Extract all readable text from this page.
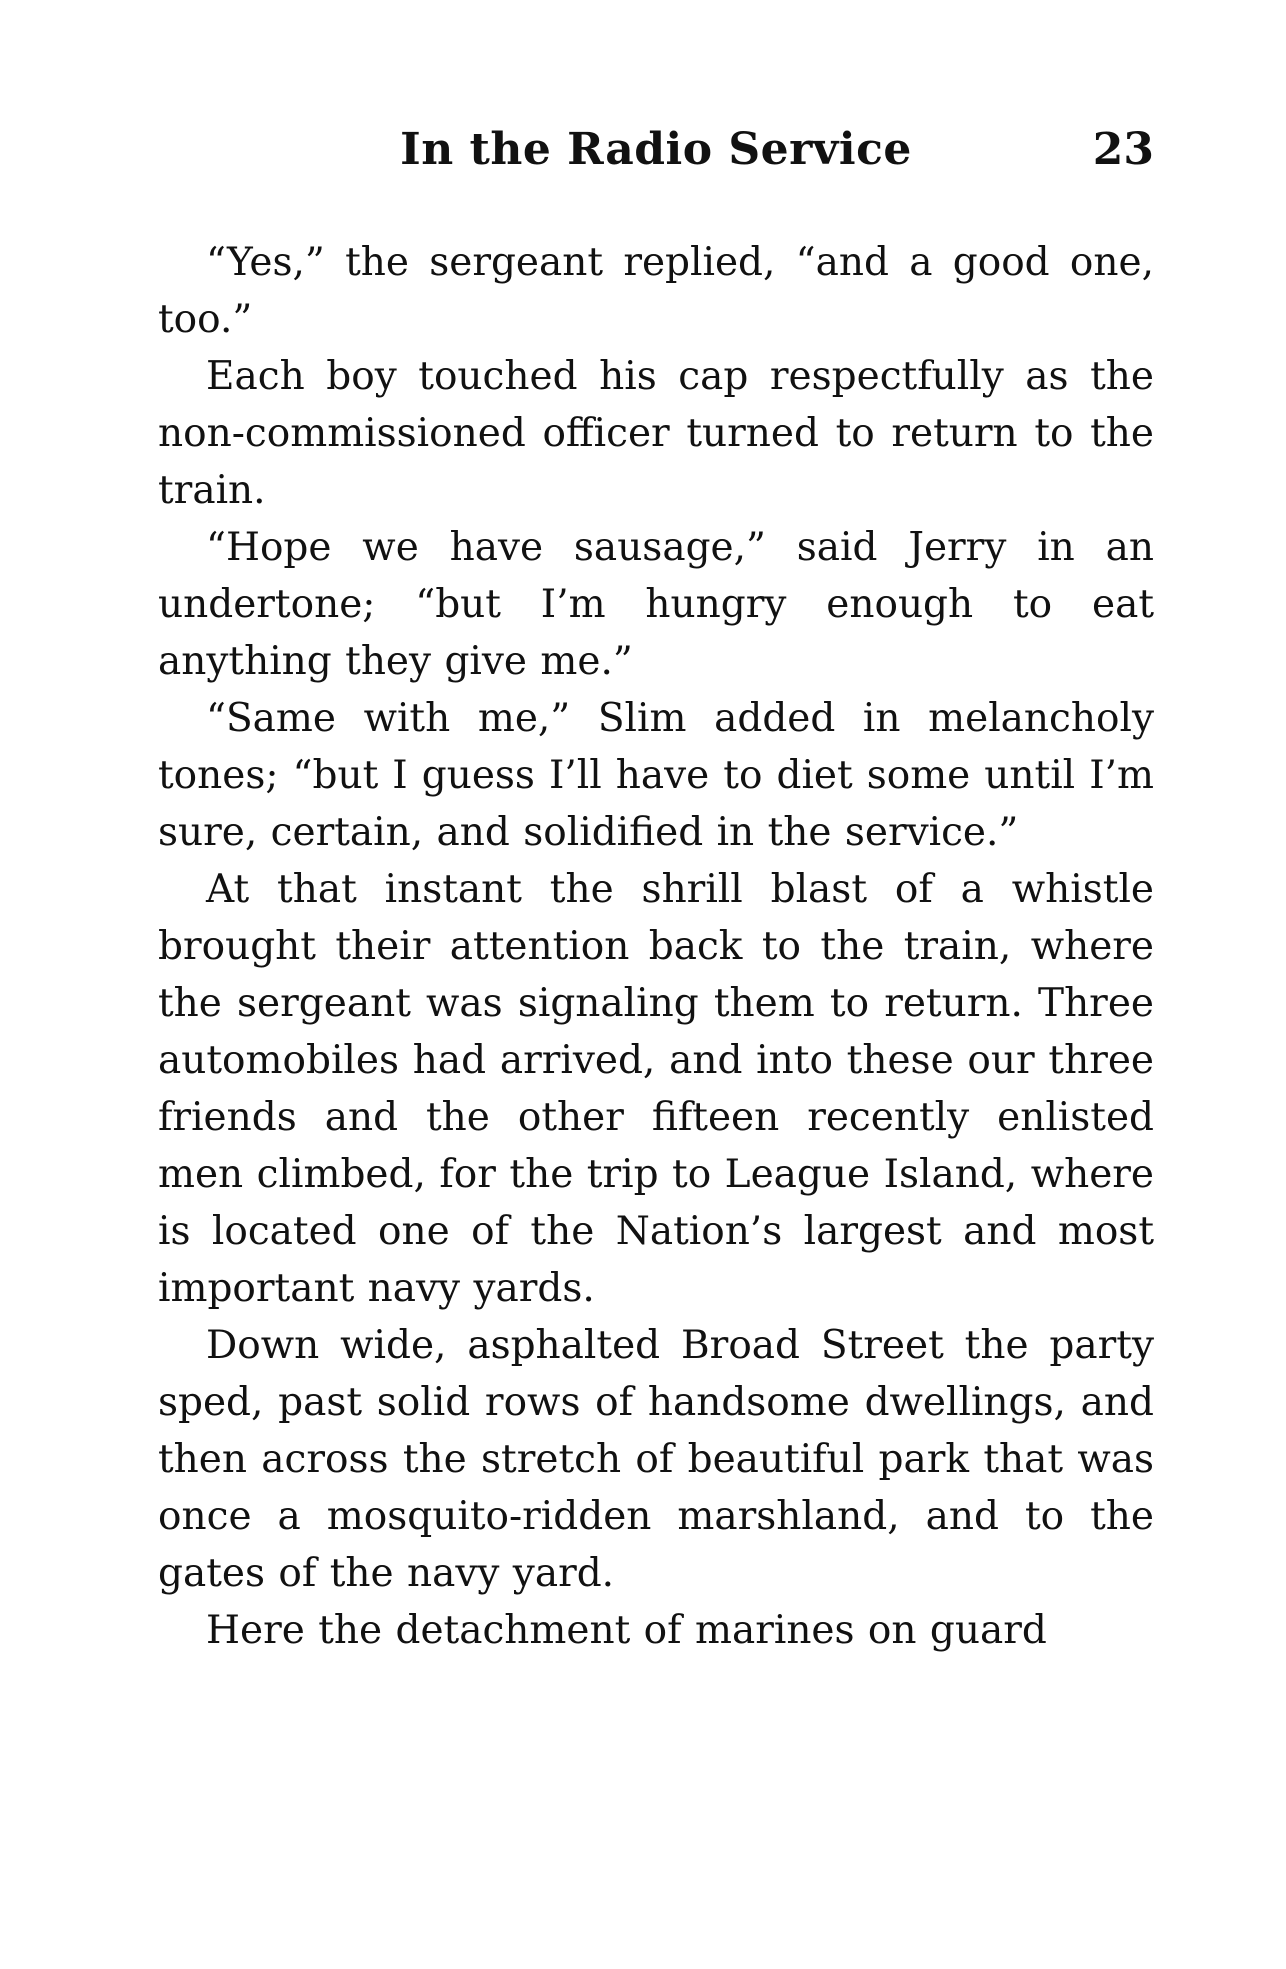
In the Radio Service	23

“Yes,” the sergeant replied, “and a good one, too.”

Each boy touched his cap respectfully as the non-commissioned officer turned to return to the train.

“Hope we have sausage,” said Jerry in an undertone; “but I’m hungry enough to eat anything they give me.”

“Same with me,” Slim added in melancholy tones; “but I guess I’ll have to diet some until I’m sure, certain, and solidified in the service.”

At that instant the shrill blast of a whistle brought their attention back to the train, where the sergeant was signaling them to return. Three automobiles had arrived, and into these our three friends and the other fifteen recently enlisted men climbed, for the trip to League Island, where is located one of the Nation’s largest and most important navy yards.

Down wide, asphalted Broad Street the party sped, past solid rows of handsome dwellings, and then across the stretch of beautiful park that was once a mosquito-ridden marshland, and to the gates of the navy yard.

Here the detachment of marines on guard
